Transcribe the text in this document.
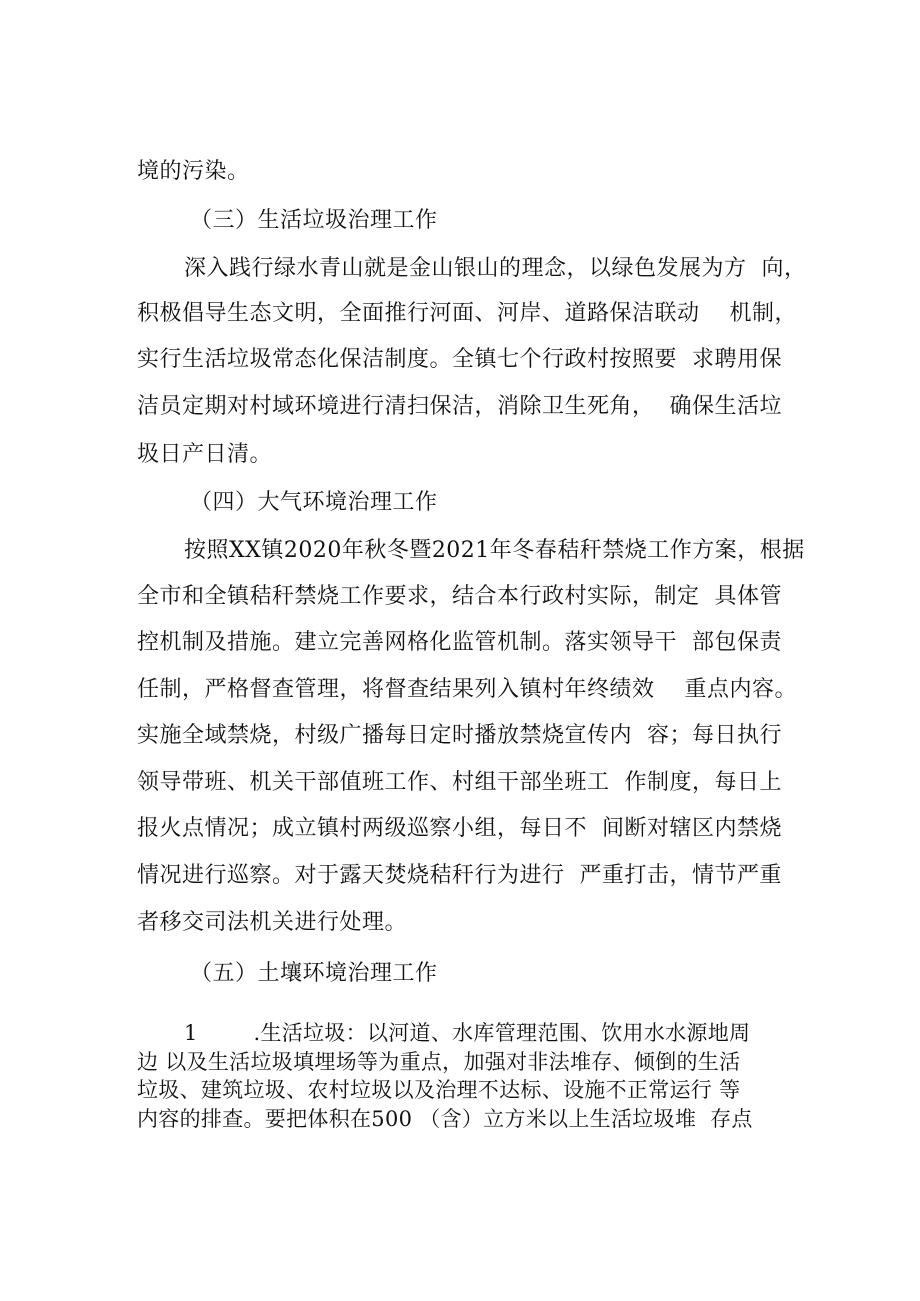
境的污染。

（三）生活垃圾治理工作

深入践行绿水青山就是金山银山的理念，以绿色发展为方  向，

积极倡导生态文明，全面推行河面、河岸、道路保洁联动    机制，

实行生活垃圾常态化保洁制度。全镇七个行政村按照要  求聘用保

洁员定期对村域环境进行清扫保洁，消除卫生死角，  确保生活垃

圾日产日清。

（四）大气环境治理工作

按照XX镇2020年秋冬暨2021年冬春秸秆禁烧工作方案，根据

全市和全镇秸秆禁烧工作要求，结合本行政村实际，制定  具体管

控机制及措施。建立完善网格化监管机制。落实领导干  部包保责

任制，严格督查管理，将督查结果列入镇村年终绩效    重点内容。

实施全域禁烧，村级广播每日定时播放禁烧宣传内  容；每日执行

领导带班、机关干部值班工作、村组干部坐班工  作制度，每日上

报火点情况；成立镇村两级巡察小组，每日不  间断对辖区内禁烧

情况进行巡察。对于露天焚烧秸秆行为进行  严重打击，情节严重

者移交司法机关进行处理。

（五）土壤环境治理工作

1        .生活垃圾：以河道、水库管理范围、饮用水水源地周

边 以及生活垃圾填埋场等为重点，加强对非法堆存、倾倒的生活

垃圾、建筑垃圾、农村垃圾以及治理不达标、设施不正常运行 等

内容的排查。要把体积在500 （含）立方米以上生活垃圾堆  存点
